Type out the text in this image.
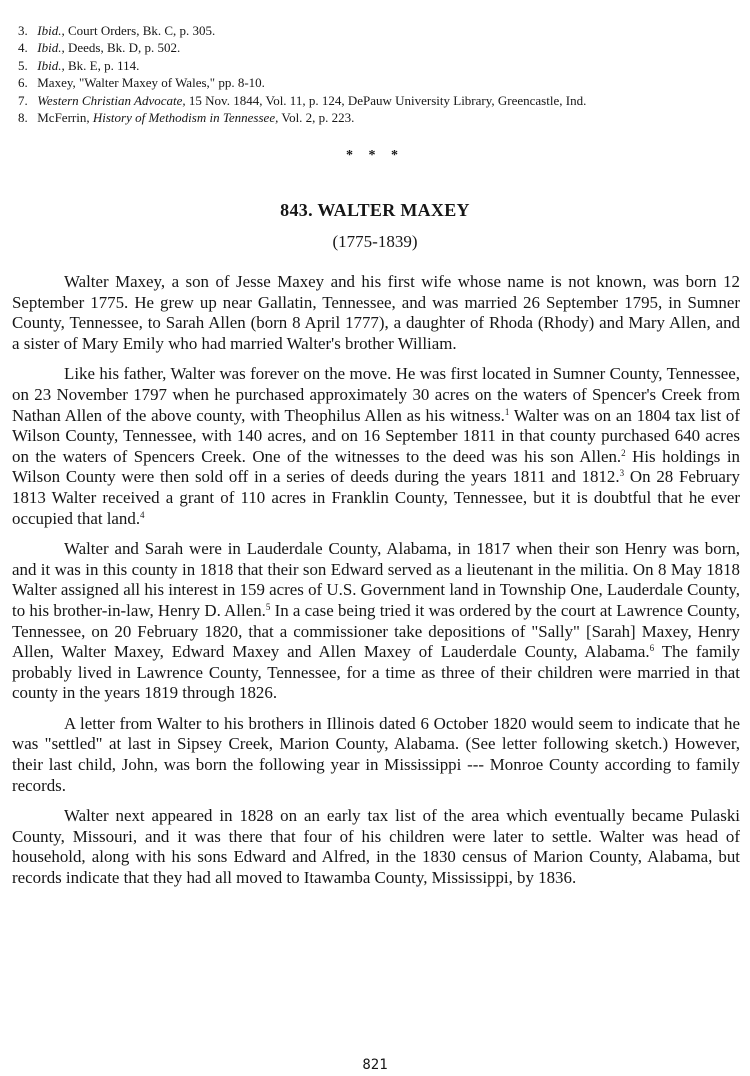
3. Ibid., Court Orders, Bk. C, p. 305.
4. Ibid., Deeds, Bk. D, p. 502.
5. Ibid., Bk. E, p. 114.
6. Maxey, "Walter Maxey of Wales," pp. 8-10.
7. Western Christian Advocate, 15 Nov. 1844, Vol. 11, p. 124, DePauw University Library, Greencastle, Ind.
8. McFerrin, History of Methodism in Tennessee, Vol. 2, p. 223.
* * *
843. WALTER MAXEY
(1775-1839)

Walter Maxey, a son of Jesse Maxey and his first wife whose name is not known, was born 12 September 1775. He grew up near Gallatin, Tennessee, and was married 26 September 1795, in Sumner County, Tennessee, to Sarah Allen (born 8 April 1777), a daughter of Rhoda (Rhody) and Mary Allen, and a sister of Mary Emily who had married Walter's brother William.

Like his father, Walter was forever on the move. He was first located in Sumner County, Tennessee, on 23 November 1797 when he purchased approximately 30 acres on the waters of Spencer's Creek from Nathan Allen of the above county, with Theophilus Allen as his witness.$^1$ Walter was on an 1804 tax list of Wilson County, Tennessee, with 140 acres, and on 16 September 1811 in that county purchased 640 acres on the waters of Spencers Creek. One of the witnesses to the deed was his son Allen.$^2$ His holdings in Wilson County were then sold off in a series of deeds during the years 1811 and 1812.$^3$ On 28 February 1813 Walter received a grant of 110 acres in Franklin County, Tennessee, but it is doubtful that he ever occupied that land.$^4$

Walter and Sarah were in Lauderdale County, Alabama, in 1817 when their son Henry was born, and it was in this county in 1818 that their son Edward served as a lieutenant in the militia. On 8 May 1818 Walter assigned all his interest in 159 acres of U.S. Government land in Township One, Lauderdale County, to his brother-in-law, Henry D. Allen.$^5$ In a case being tried it was ordered by the court at Lawrence County, Tennessee, on 20 February 1820, that a commissioner take depositions of "Sally" [Sarah] Maxey, Henry Allen, Walter Maxey, Edward Maxey and Allen Maxey of Lauderdale County, Alabama.$^6$ The family probably lived in Lawrence County, Tennessee, for a time as three of their children were married in that county in the years 1819 through 1826.

A letter from Walter to his brothers in Illinois dated 6 October 1820 would seem to indicate that he was "settled" at last in Sipsey Creek, Marion County, Alabama. (See letter following sketch.) However, their last child, John, was born the following year in Mississippi --- Monroe County according to family records.

Walter next appeared in 1828 on an early tax list of the area which eventually became Pulaski County, Missouri, and it was there that four of his children were later to settle. Walter was head of household, along with his sons Edward and Alfred, in the 1830 census of Marion County, Alabama, but records indicate that they had all moved to Itawamba County, Mississippi, by 1836.

821
